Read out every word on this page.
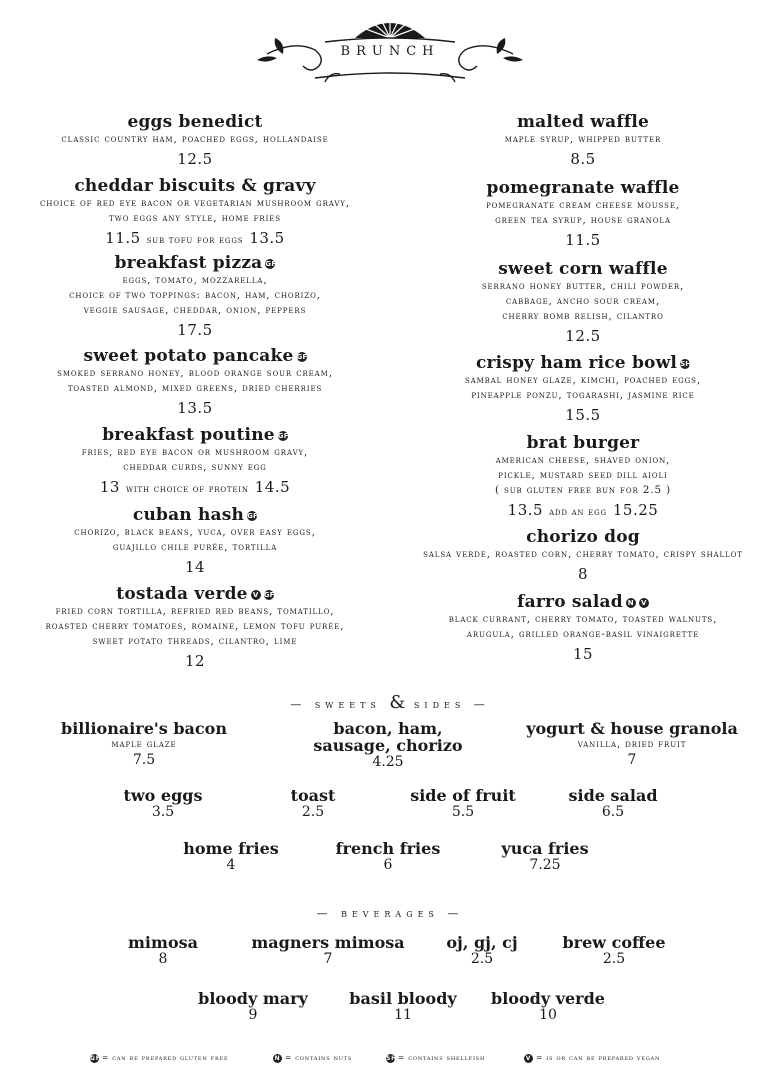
BRUNCH
eggs benedict
classic country ham, poached eggs, hollandaise
12.5
cheddar biscuits & gravy
choice of red eye bacon or vegetarian mushroom gravy,
two eggs any style, home fries
11.5 sub tofu for eggs 13.5
breakfast pizza GF
eggs, tomato, mozzarella,
choice of two toppings: bacon, ham, chorizo,
veggie sausage, cheddar, onion, peppers
17.5
sweet potato pancake GF
smoked serrano honey, blood orange sour cream,
toasted almond, mixed greens, dried cherries
13.5
breakfast poutine GF
fries, red eye bacon or mushroom gravy,
cheddar curds, sunny egg
13 with choice of protein 14.5
cuban hash GF
chorizo, black beans, yuca, over easy eggs,
guajillo chile purée, tortilla
14
tostada verde V GF
fried corn tortilla, refried red beans, tomatillo,
roasted cherry tomatoes, romaine, lemon tofu purée,
sweet potato threads, cilantro, lime
12
malted waffle
maple syrup, whipped butter
8.5
pomegranate waffle
pomegranate cream cheese mousse,
green tea syrup, house granola
11.5
sweet corn waffle
serrano honey butter, chili powder,
cabbage, ancho sour cream,
cherry bomb relish, cilantro
12.5
crispy ham rice bowl SH
sambal honey glaze, kimchi, poached eggs,
pineapple ponzu, togarashi, jasmine rice
15.5
brat burger
american cheese, shaved onion,
pickle, mustard seed dill aioli
( sub gluten free bun for 2.5 )
13.5 add an egg 15.25
chorizo dog
salsa verde, roasted corn, cherry tomato, crispy shallot
8
farro salad N V
black currant, cherry tomato, toasted walnuts,
arugula, grilled orange-basil vinaigrette
15
— sweets & sides —
billionaire's bacon
maple glaze
7.5
bacon, ham,
sausage, chorizo
4.25
yogurt & house granola
vanilla, dried fruit
7
two eggs
3.5
toast
2.5
side of fruit
5.5
side salad
6.5
home fries
4
french fries
6
yuca fries
7.25
— beverages —
mimosa
8
magners mimosa
7
oj, gj, cj
2.5
brew coffee
2.5
bloody mary
9
basil bloody
11
bloody verde
10
GF= can be prepared gluten free	N = contains nuts	SH= contains shellfish	V = is or can be prepared vegan
